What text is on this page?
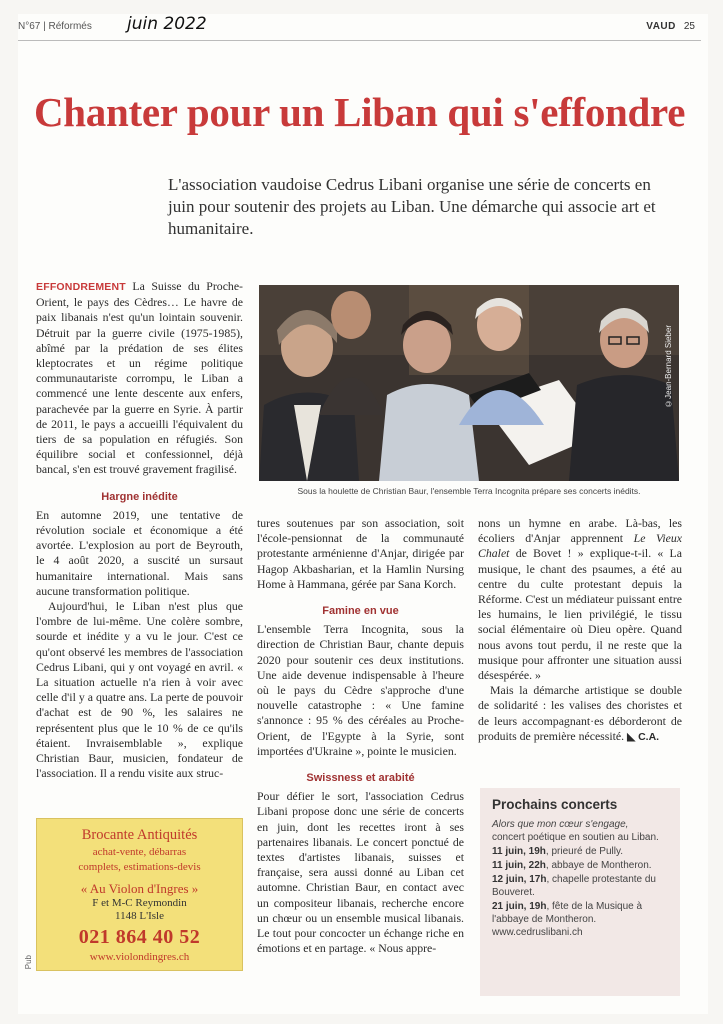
N°67 | Réformés juin 2022	VAUD 25
Chanter pour un Liban qui s'effondre
L'association vaudoise Cedrus Libani organise une série de concerts en juin pour soutenir des projets au Liban. Une démarche qui associe art et humanitaire.

EFFONDREMENT La Suisse du Proche-Orient, le pays des Cèdres… Le havre de paix libanais n'est qu'un lointain souvenir. Détruit par la guerre civile (1975-1985), abîmé par la prédation de ses élites kleptocrates et un régime politique communautariste corrompu, le Liban a commencé une lente descente aux enfers, parachevée par la guerre en Syrie. À partir de 2011, le pays a accueilli l'équivalent du tiers de sa population en réfugiés. Son équilibre social et confessionnel, déjà bancal, s'en est trouvé gravement fragilisé.

Hargne inédite

En automne 2019, une tentative de révolution sociale et économique a été avortée. L'explosion au port de Beyrouth, le 4 août 2020, a suscité un sursaut humanitaire international. Mais sans aucune transformation politique.

Aujourd'hui, le Liban n'est plus que l'ombre de lui-même. Une colère sombre, sourde et inédite y a vu le jour. C'est ce qu'ont observé les membres de l'association Cedrus Libani, qui y ont voyagé en avril. « La situation actuelle n'a rien à voir avec celle d'il y a quatre ans. La perte de pouvoir d'achat est de 90 %, les salaires ne représentent plus que le 10 % de ce qu'ils étaient. Invraisemblable », explique Christian Baur, musicien, fondateur de l'association. Il a rendu visite aux struc-

©Jean-Bernard Sieber
Sous la houlette de Christian Baur, l'ensemble Terra Incognita prépare ses concerts inédits.

tures soutenues par son association, soit l'école-pensionnat de la communauté protestante arménienne d'Anjar, dirigée par Hagop Akbasharian, et la Hamlin Nursing Home à Hammana, gérée par Sana Korch.

Famine en vue

L'ensemble Terra Incognita, sous la direction de Christian Baur, chante depuis 2020 pour soutenir ces deux institutions. Une aide devenue indispensable à l'heure où le pays du Cèdre s'approche d'une nouvelle catastrophe : « Une famine s'annonce : 95 % des céréales au Proche-Orient, de l'Egypte à la Syrie, sont importées d'Ukraine », pointe le musicien.

Swissness et arabité

Pour défier le sort, l'association Cedrus Libani propose donc une série de concerts en juin, dont les recettes iront à ses partenaires libanais. Le concert ponctué de textes d'artistes libanais, suisses et française, sera aussi donné au Liban cet automne. Christian Baur, en contact avec un compositeur libanais, recherche encore un chœur ou un ensemble musical libanais. Le tout pour concocter un échange riche en émotions et en partage. « Nous appre-

nons un hymne en arabe. Là-bas, les écoliers d'Anjar apprennent Le Vieux Chalet de Bovet ! » explique-t-il. « La musique, le chant des psaumes, a été au centre du culte protestant depuis la Réforme. C'est un médiateur puissant entre les humains, le lien privilégié, le tissu social élémentaire où Dieu opère. Quand nous avons tout perdu, il ne reste que la musique pour affronter une situation aussi désespérée. »

Mais la démarche artistique se double de solidarité : les valises des choristes et de leurs accompagnant·es déborderont de produits de première nécessité. ◣ C.A.

Brocante Antiquités
achat-vente, débarras
complets, estimations-devis
« Au Violon d'Ingres »
F et M-C Reymondin
1148 L'Isle
021 864 40 52
www.violondingres.ch
Pub
Prochains concerts
Alors que mon cœur s'engage,
concert poétique en soutien au Liban.
11 juin, 19h, prieuré de Pully.
11 juin, 22h, abbaye de Montheron.
12 juin, 17h, chapelle protestante du Bouveret.
21 juin, 19h, fête de la Musique à l'abbaye de Montheron.
www.cedruslibani.ch
